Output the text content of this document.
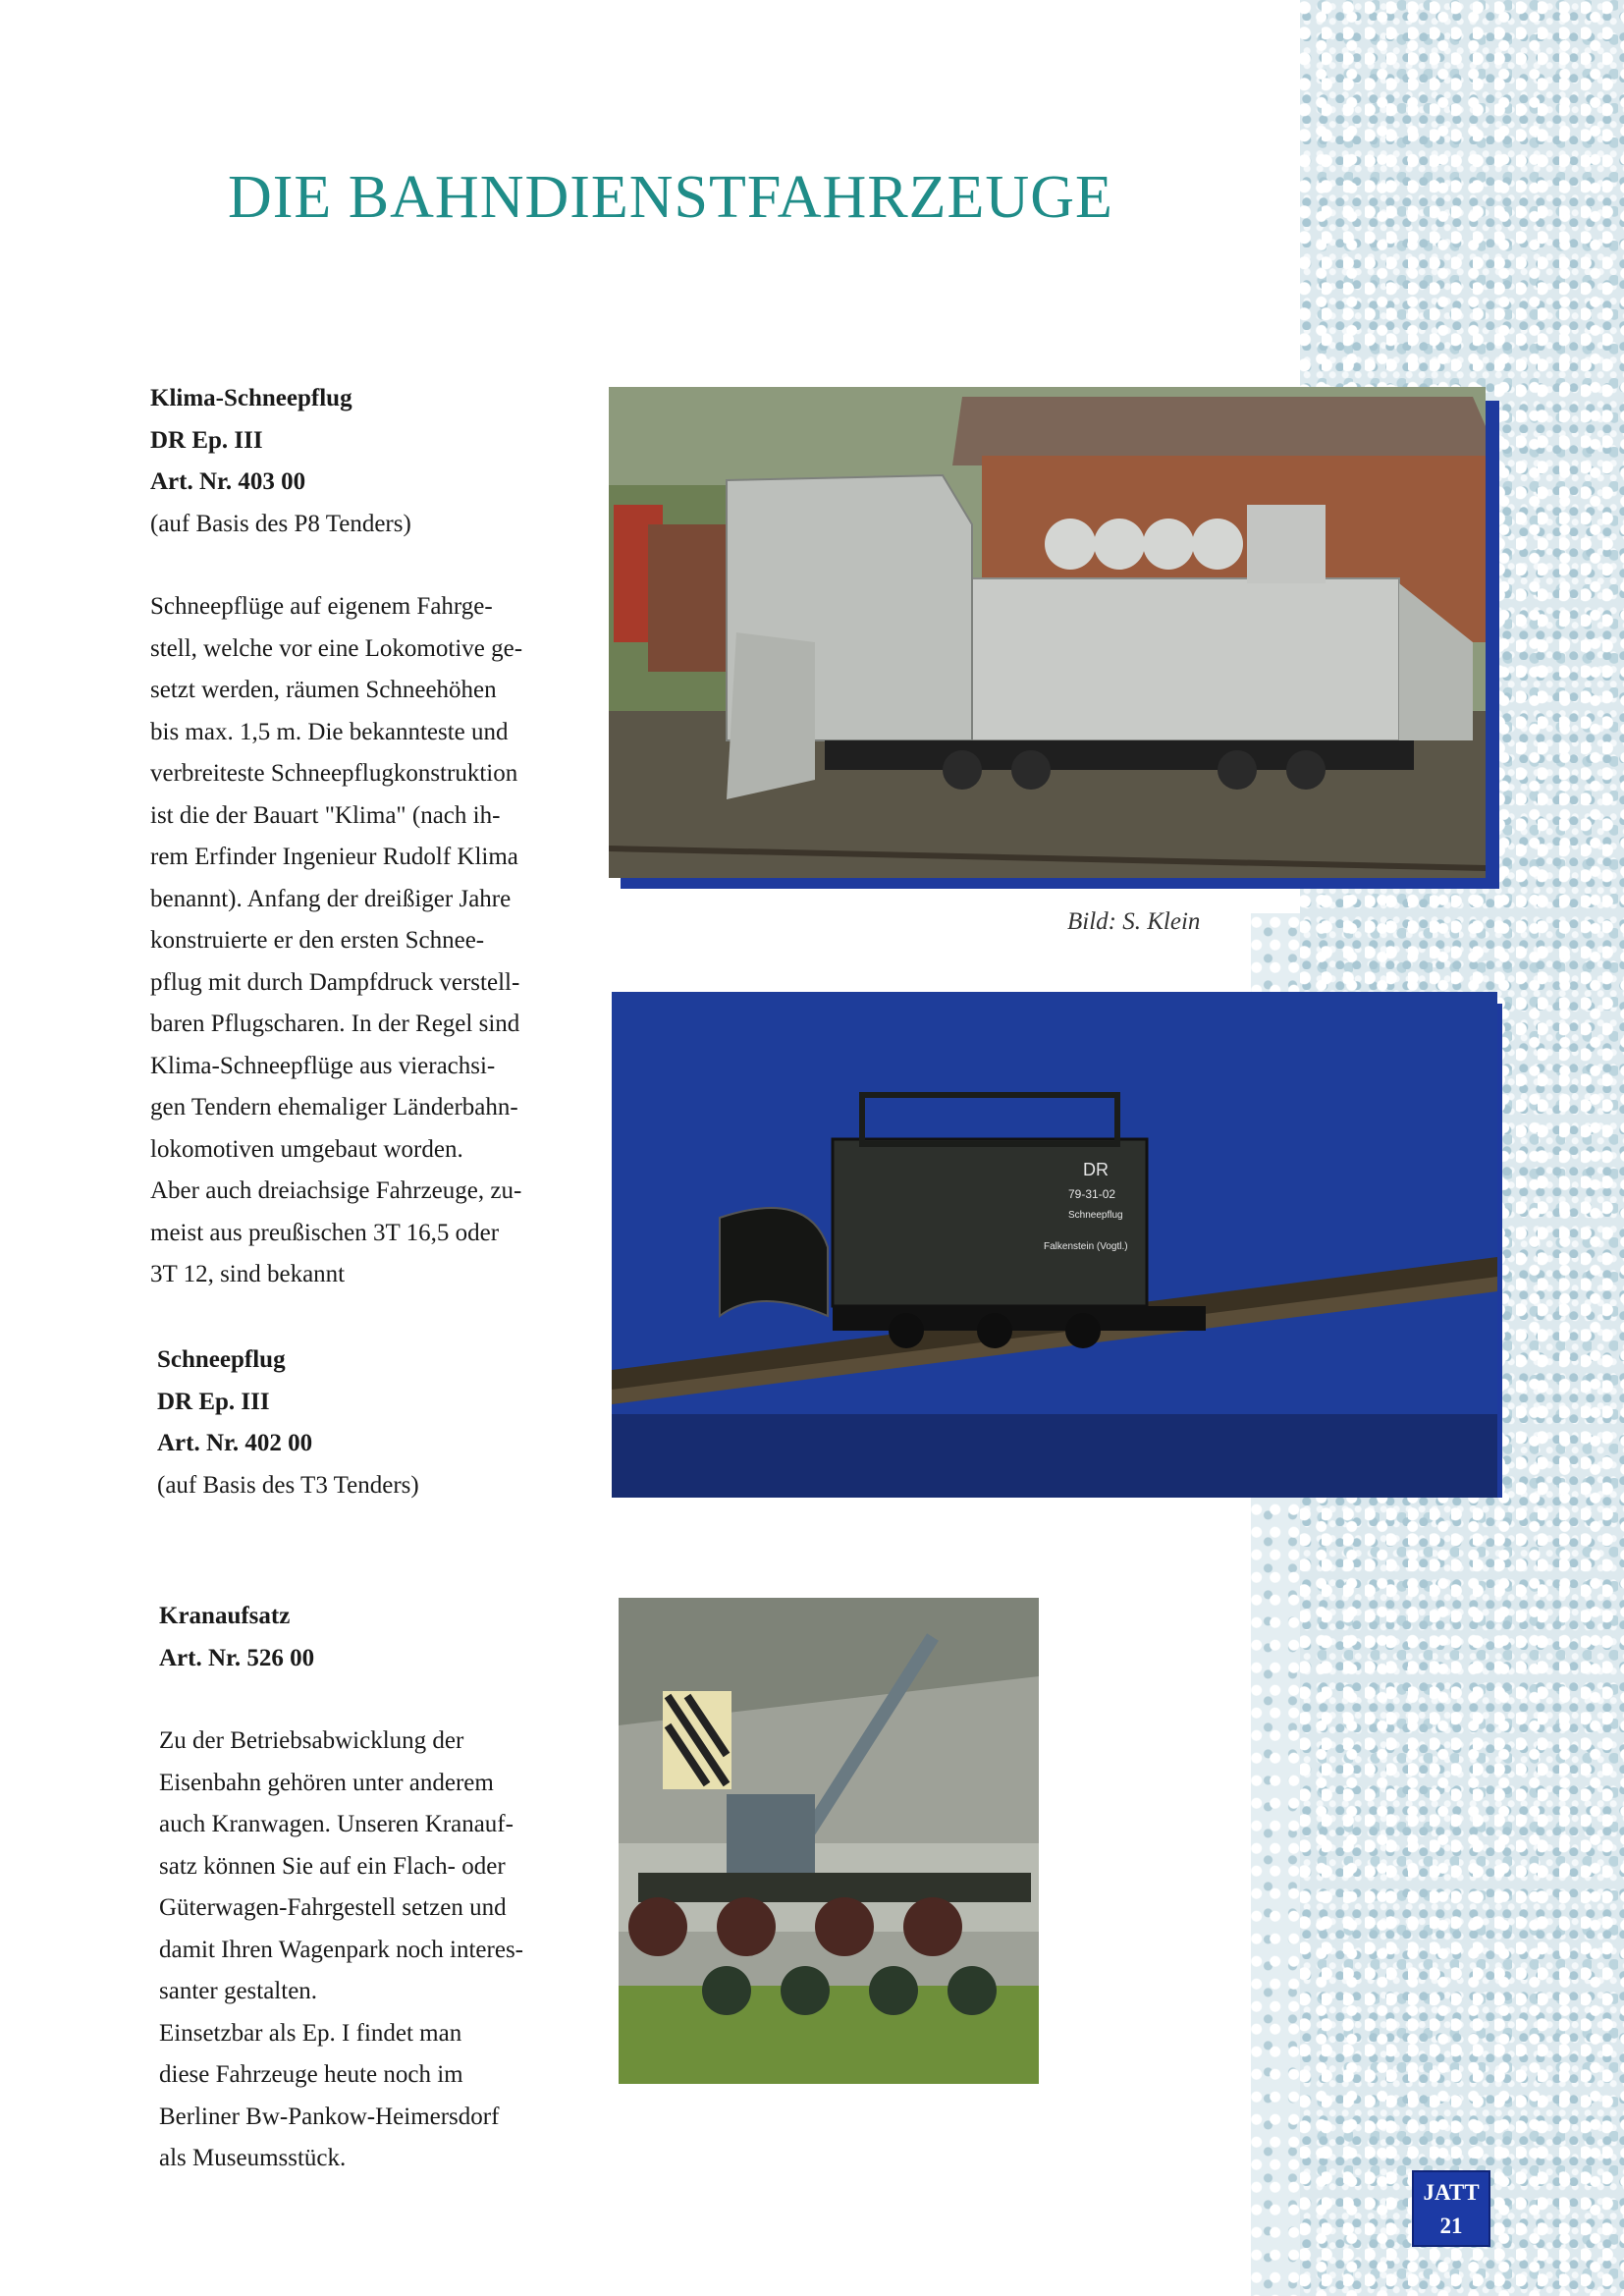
DIE BAHNDIENSTFAHRZEUGE
Klima-Schneepflug
DR Ep. III
Art. Nr. 403 00
(auf Basis des P8 Tenders)
Schneepflüge auf eigenem Fahrge-
stell, welche vor eine Lokomotive ge-
setzt werden, räumen Schneehöhen
bis max. 1,5 m. Die bekannteste und
verbreiteste Schneepflugkonstruktion
ist die der Bauart "Klima" (nach ih-
rem Erfinder Ingenieur Rudolf Klima
benannt). Anfang der dreißiger Jahre
konstruierte er den ersten Schnee-
pflug mit durch Dampfdruck verstell-
baren Pflugscharen. In der Regel sind
Klima-Schneepflüge aus vierachsi-
gen Tendern ehemaliger Länderbahn-
lokomotiven umgebaut worden.
Aber auch dreiachsige Fahrzeuge, zu-
meist aus preußischen 3T 16,5 oder
3T 12, sind bekannt
Schneepflug
DR Ep. III
Art. Nr. 402 00
(auf Basis des T3 Tenders)
Kranaufsatz
Art. Nr. 526 00
Zu der Betriebsabwicklung der
Eisenbahn gehören unter anderem
auch Kranwagen. Unseren Kranauf-
satz können Sie auf ein Flach- oder
Güterwagen-Fahrgestell setzen und
damit Ihren Wagenpark noch interes-
santer gestalten.
Einsetzbar als Ep. I findet man
diese Fahrzeuge heute noch im
Berliner Bw-Pankow-Heimersdorf
als Museumsstück.
Bild: S. Klein
DR
79-31-02
Schneepflug
Falkenstein (Vogtl.)
JATT
21
